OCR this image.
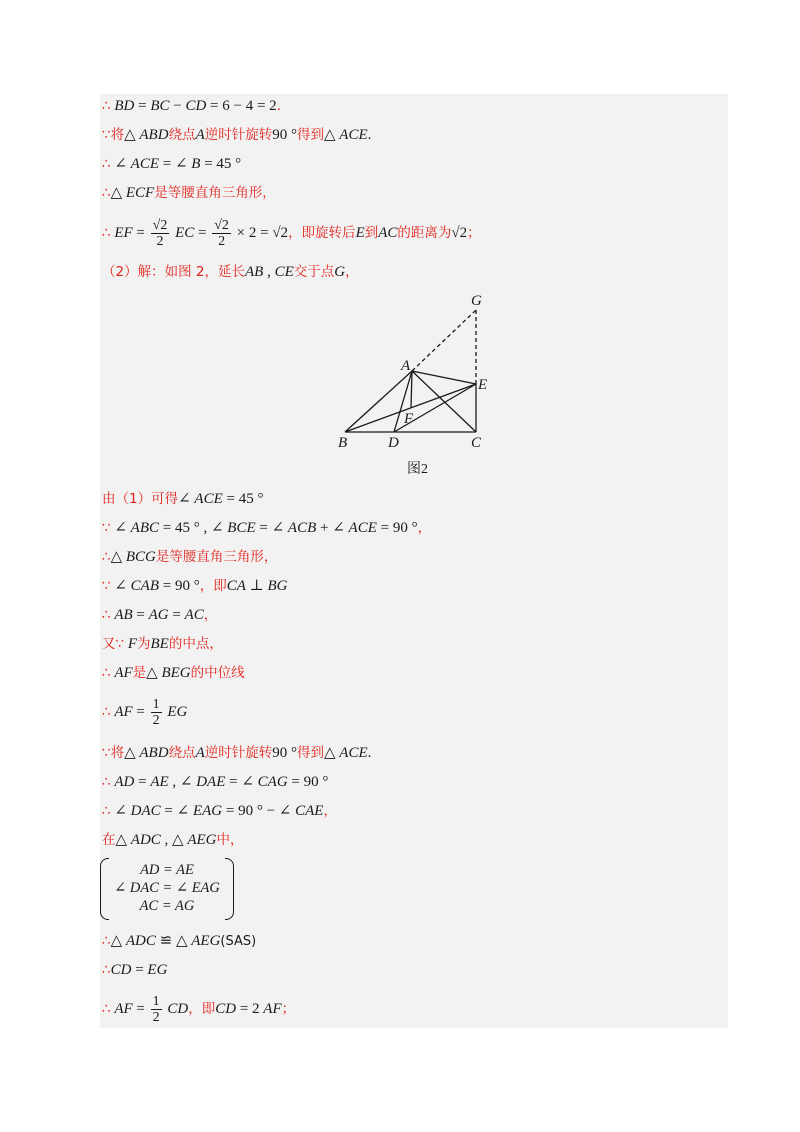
∴ BD = BC − CD = 6 − 4 = 2.
∵将△ ABD绕点A逆时针旋转90 °得到△ ACE.
∴ ∠ ACE = ∠ B = 45 °
∴△ ECF是等腰直角三角形，
∴ EF = $\frac{√2}{2}$ EC = $\frac{√2}{2} \times 2 = √2$，即旋转后E到AC的距离为√2；
（2）解：如图 2，延长AB , CE交于点G，
G
A
E
F
B	D	C
图2
由（1）可得∠ ACE = 45 °
∵ ∠ ABC = 45 ° , ∠ BCE = ∠ ACB + ∠ ACE = 90 °，
∴△ BCG是等腰直角三角形，
∵ ∠ CAB = 90 °，即CA ⊥ BG
∴ AB = AG = AC，
又∵ F为BE的中点，
∴ AF是△ BEG的中位线
∴ AF = $\frac{1}{2}$ EG
∵将△ ABD绕点A逆时针旋转90 °得到△ ACE.
∴ AD = AE , ∠ DAE = ∠ CAG = 90 °
∴ ∠ DAC = ∠ EAG = 90 ° − ∠ CAE，
在△ ADC , △ AEG中，
AD = AE
∠ DAC = ∠ EAG
AC = AG
∴△ ADC ≌ △ AEG(SAS)
∴CD = EG
∴ AF = $\frac{1}{2}$ CD，即CD = 2 AF；
